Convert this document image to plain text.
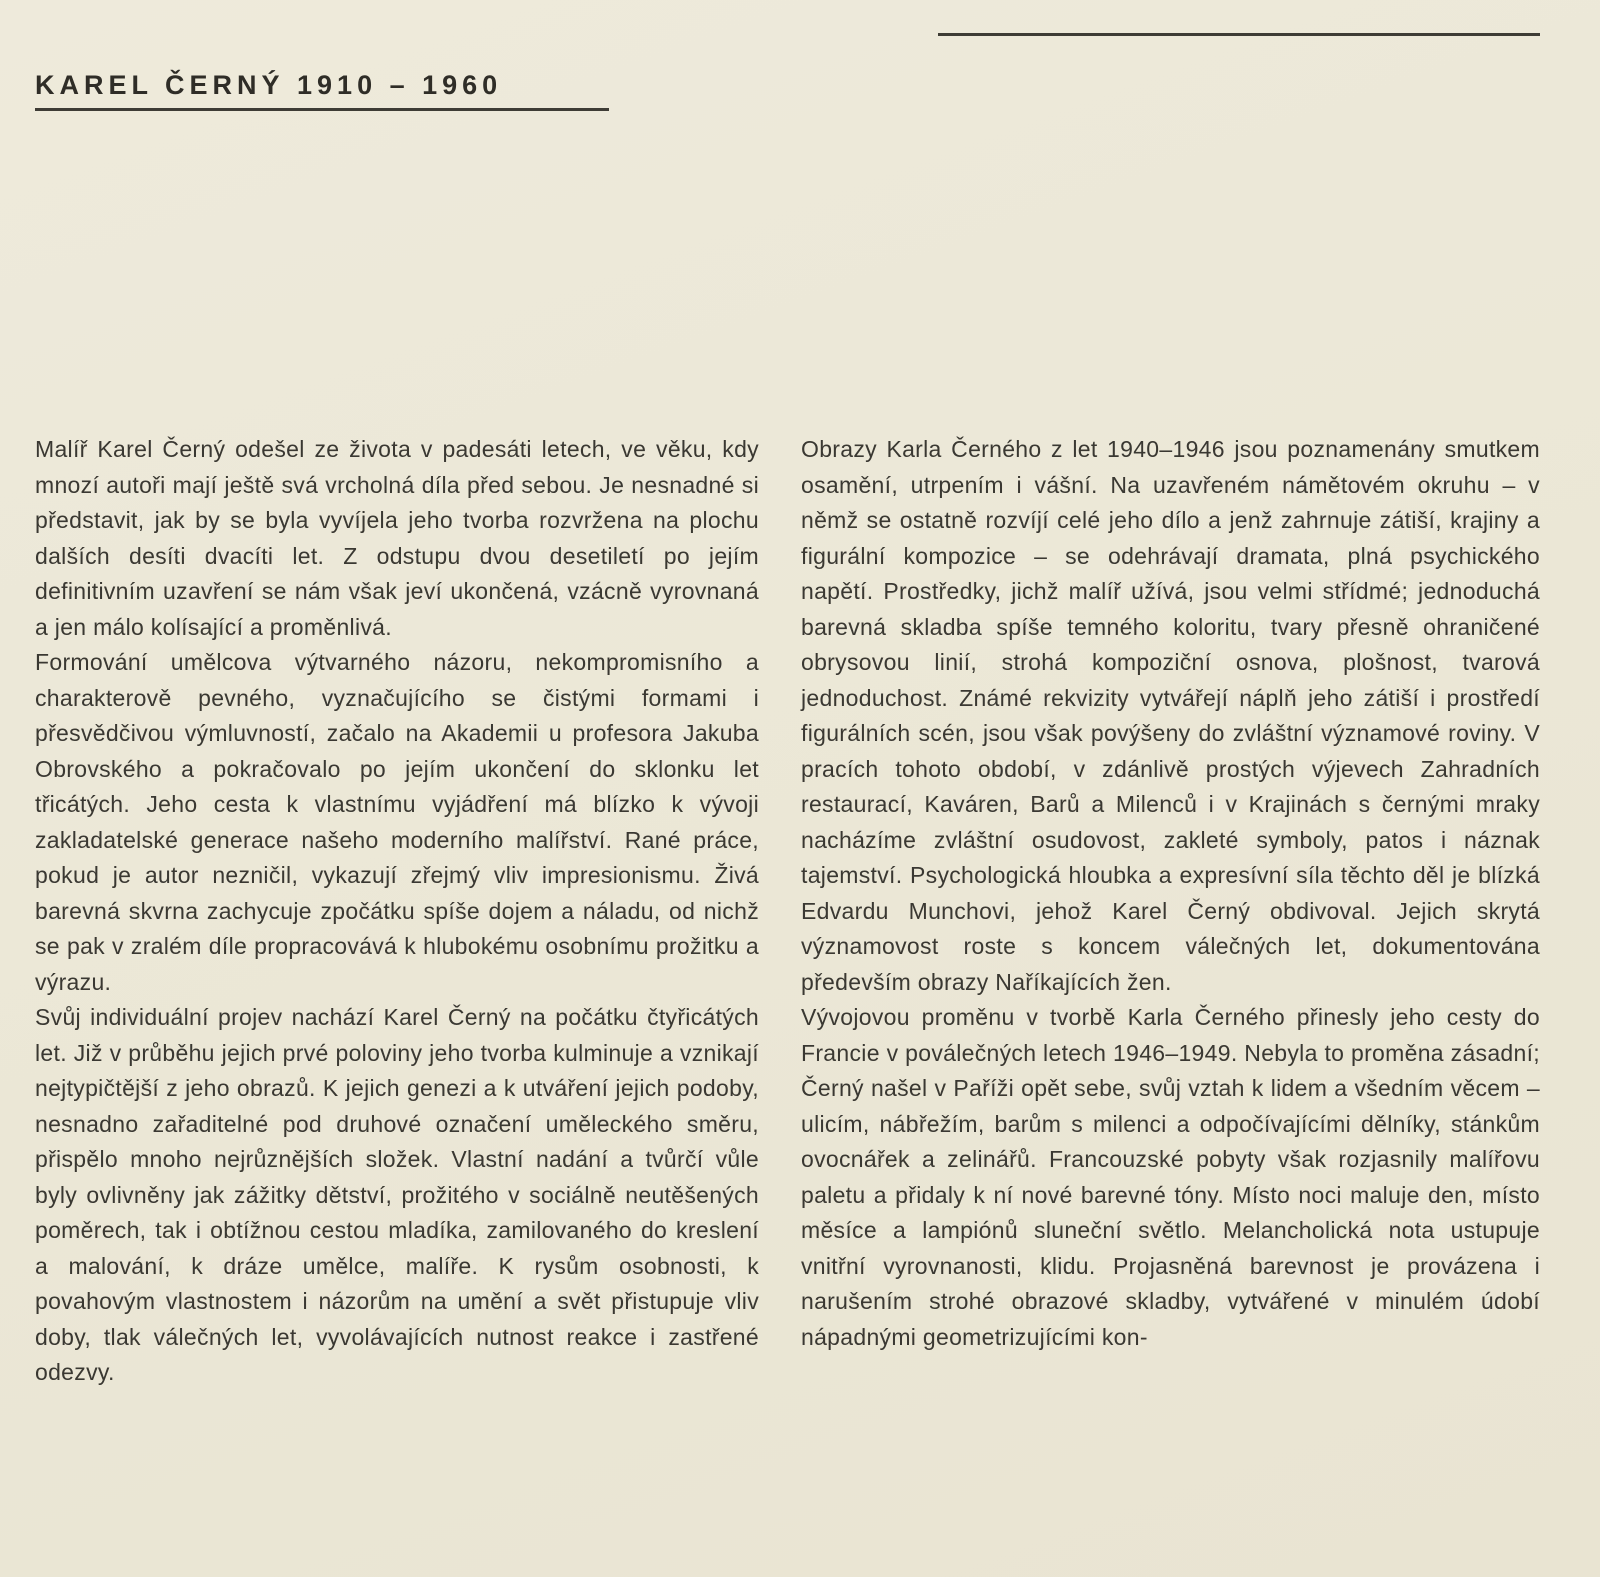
KAREL ČERNÝ 1910 – 1960

Malíř Karel Černý odešel ze života v padesáti letech, ve věku, kdy mnozí autoři mají ještě svá vrcholná díla před sebou. Je nesnadné si představit, jak by se byla vyvíjela jeho tvorba rozvržena na plochu dalších desíti dvacíti let. Z odstupu dvou desetiletí po jejím definitivním uzavření se nám však jeví ukončená, vzácně vyrovnaná a jen málo kolísající a proměnlivá.

Formování umělcova výtvarného názoru, nekompromisního a charakterově pevného, vyznačujícího se čistými formami i přesvědčivou výmluvností, začalo na Akademii u profesora Jakuba Obrovského a pokračovalo po jejím ukončení do sklonku let třicátých. Jeho cesta k vlastnímu vyjádření má blízko k vývoji zakladatelské generace našeho moderního malířství. Rané práce, pokud je autor nezničil, vykazují zřejmý vliv impresionismu. Živá barevná skvrna zachycuje zpočátku spíše dojem a náladu, od nichž se pak v zralém díle propracovává k hlubokému osobnímu prožitku a výrazu.

Svůj individuální projev nachází Karel Černý na počátku čtyřicátých let. Již v průběhu jejich prvé poloviny jeho tvorba kulminuje a vznikají nejtypičtější z jeho obrazů. K jejich genezi a k utváření jejich podoby, nesnadno zařaditelné pod druhové označení uměleckého směru, přispělo mnoho nejrůznějších složek. Vlastní nadání a tvůrčí vůle byly ovlivněny jak zážitky dětství, prožitého v sociálně neutěšených poměrech, tak i obtížnou cestou mladíka, zamilovaného do kreslení a malování, k dráze umělce, malíře. K rysům osobnosti, k povahovým vlastnostem i názorům na umění a svět přistupuje vliv doby, tlak válečných let, vyvolávajících nutnost reakce i zastřené odezvy.

Obrazy Karla Černého z let 1940–1946 jsou poznamenány smutkem osamění, utrpením i vášní. Na uzavřeném námětovém okruhu – v němž se ostatně rozvíjí celé jeho dílo a jenž zahrnuje zátiší, krajiny a figurální kompozice – se odehrávají dramata, plná psychického napětí. Prostředky, jichž malíř užívá, jsou velmi střídmé; jednoduchá barevná skladba spíše temného koloritu, tvary přesně ohraničené obrysovou linií, strohá kompoziční osnova, plošnost, tvarová jednoduchost. Známé rekvizity vytvářejí náplň jeho zátiší i prostředí figurálních scén, jsou však povýšeny do zvláštní významové roviny. V pracích tohoto období, v zdánlivě prostých výjevech Zahradních restaurací, Kaváren, Barů a Milenců i v Krajinách s černými mraky nacházíme zvláštní osudovost, zakleté symboly, patos i náznak tajemství. Psychologická hloubka a expresívní síla těchto děl je blízká Edvardu Munchovi, jehož Karel Černý obdivoval. Jejich skrytá významovost roste s koncem válečných let, dokumentována především obrazy Naříkajících žen.

Vývojovou proměnu v tvorbě Karla Černého přinesly jeho cesty do Francie v poválečných letech 1946–1949. Nebyla to proměna zásadní; Černý našel v Paříži opět sebe, svůj vztah k lidem a všedním věcem – ulicím, nábřežím, barům s milenci a odpočívajícími dělníky, stánkům ovocnářek a zelinářů. Francouzské pobyty však rozjasnily malířovu paletu a přidaly k ní nové barevné tóny. Místo noci maluje den, místo měsíce a lampiónů sluneční světlo. Melancholická nota ustupuje vnitřní vyrovnanosti, klidu. Projasněná barevnost je provázena i narušením strohé obrazové skladby, vytvářené v minulém údobí nápadnými geometrizujícími kon-
